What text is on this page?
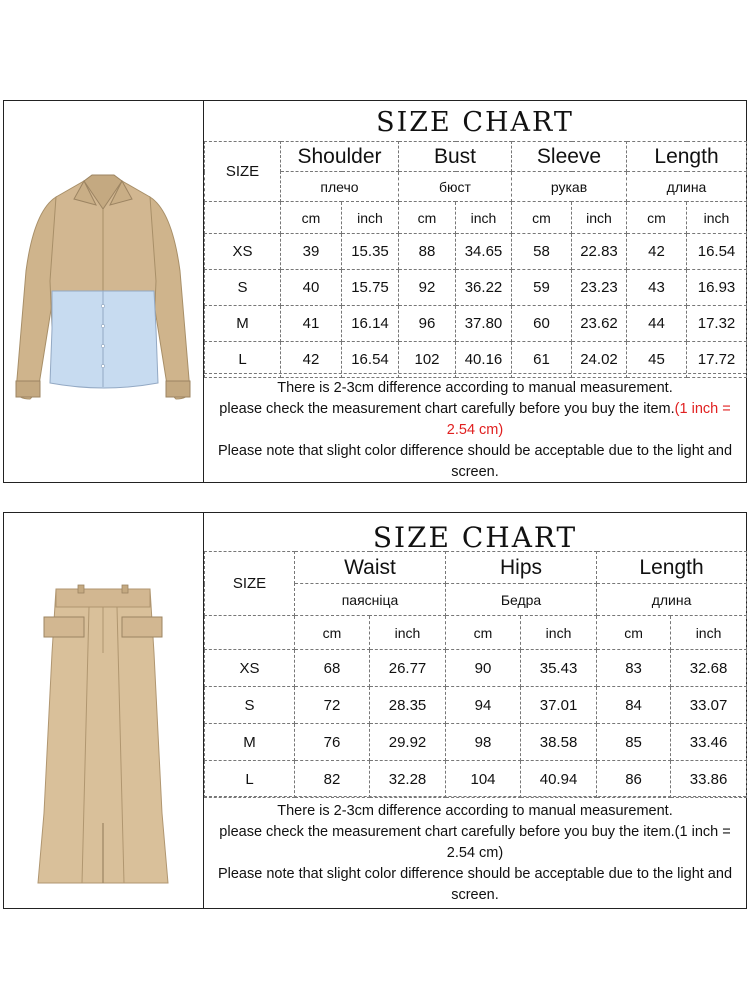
SIZE CHART
SIZE	Shoulder		Bust		Sleeve		Length	
	плечо		бюст		рукав		длина	
	cm	inch	cm	inch	cm	inch	cm	inch
XS	39	15.35	88	34.65	58	22.83	42	16.54
S	40	15.75	92	36.22	59	23.23	43	16.93
M	41	16.14	96	37.80	60	23.62	44	17.32
L	42	16.54	102	40.16	61	24.02	45	17.72
There is 2-3cm difference according to manual measurement.
please check the measurement chart carefully before you buy the item.(1 inch = 2.54 cm)
Please note that slight color difference should be acceptable due to the light and screen.
SIZE CHART
SIZE	Waist		Hips		Length	
	паясніца		Бедра		длина	
	cm	inch	cm	inch	cm	inch
XS	68	26.77	90	35.43	83	32.68
S	72	28.35	94	37.01	84	33.07
M	76	29.92	98	38.58	85	33.46
L	82	32.28	104	40.94	86	33.86
There is 2-3cm difference according to manual measurement.
please check the measurement chart carefully before you buy the item.(1 inch = 2.54 cm)
Please note that slight color difference should be acceptable due to the light and screen.
